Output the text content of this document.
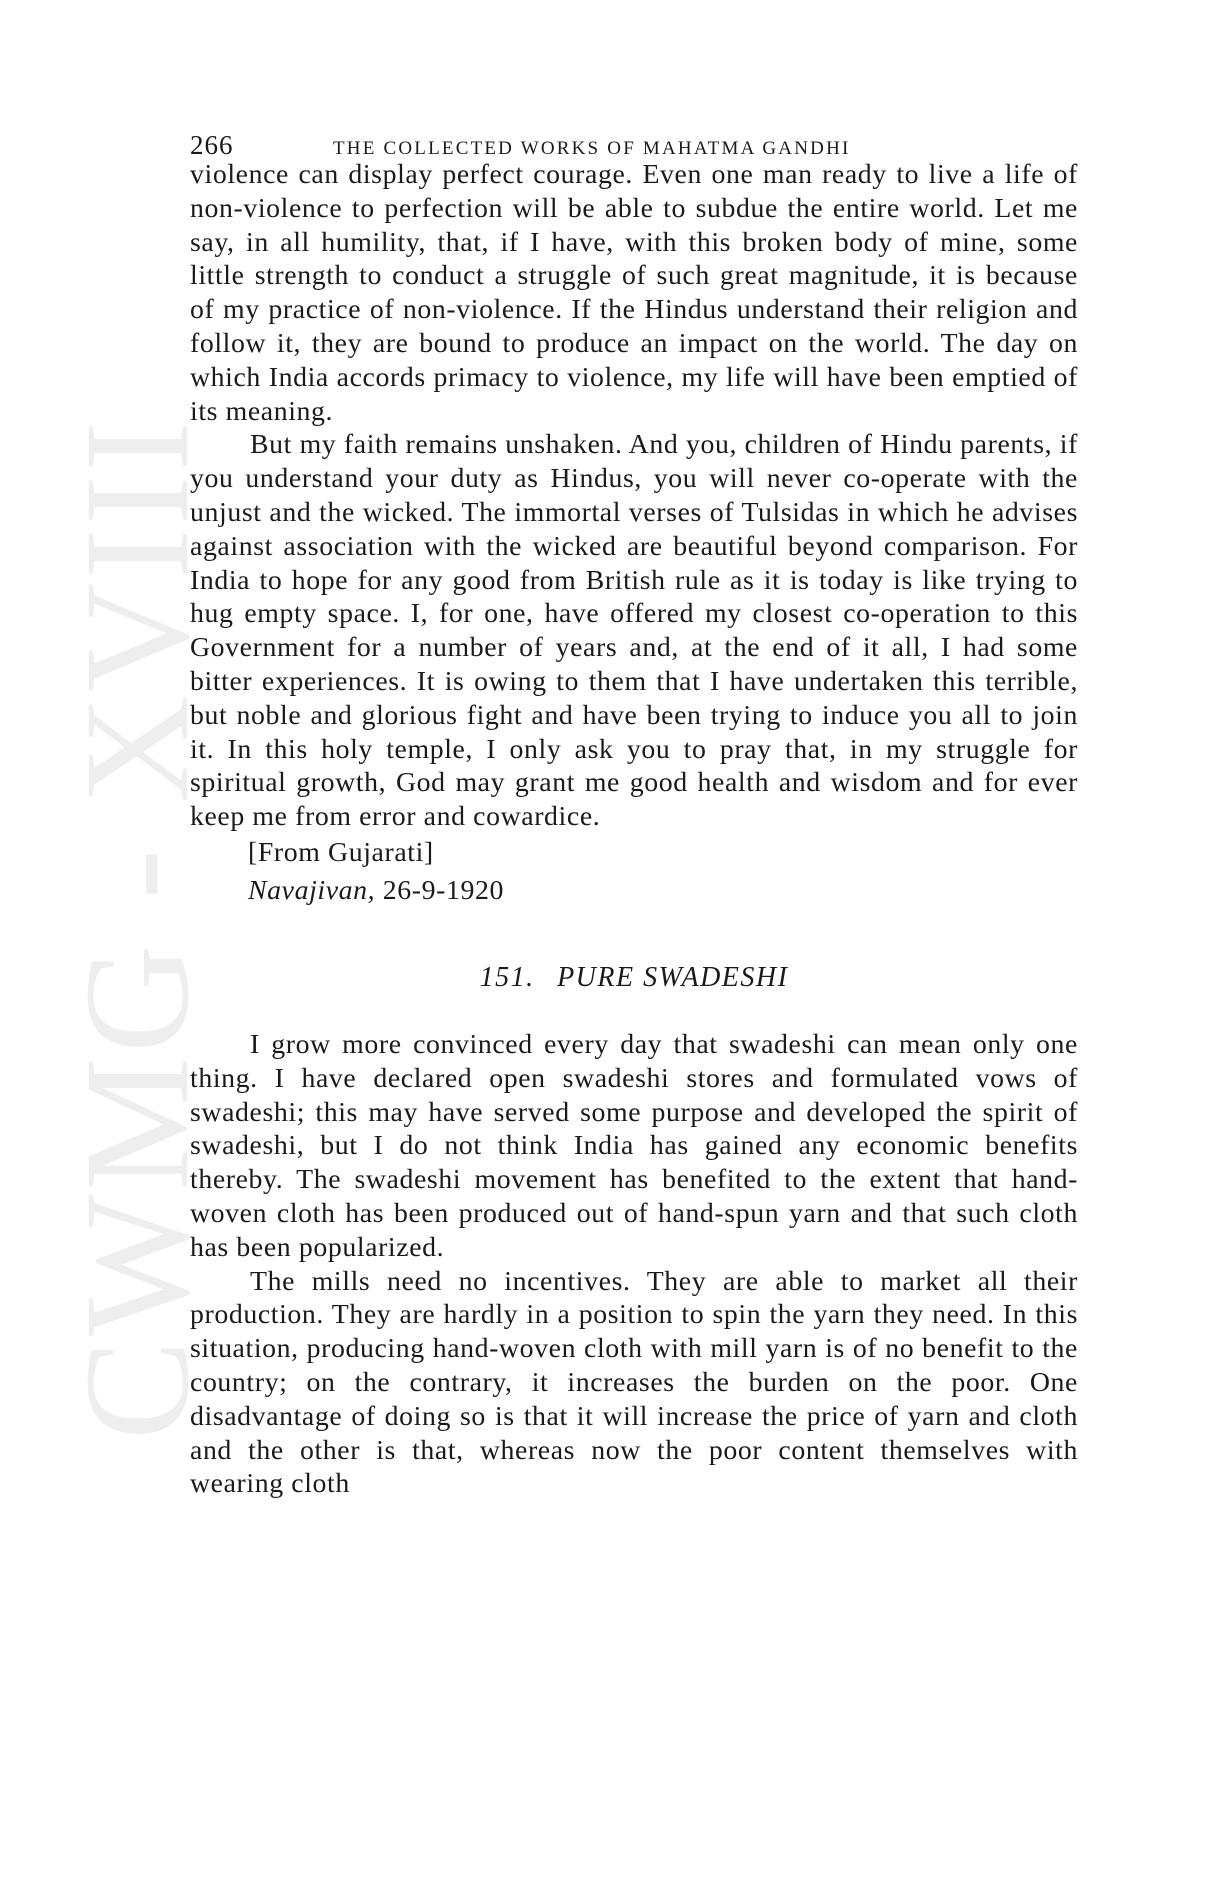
CWMG - XVIII
266	THE COLLECTED WORKS OF MAHATMA GANDHI

violence can display perfect courage. Even one man ready to live a life of non-violence to perfection will be able to subdue the entire world. Let me say, in all humility, that, if I have, with this broken body of mine, some little strength to conduct a struggle of such great magnitude, it is because of my practice of non-violence. If the Hindus understand their religion and follow it, they are bound to produce an impact on the world. The day on which India accords primacy to violence, my life will have been emptied of its meaning.

But my faith remains unshaken. And you, children of Hindu parents, if you understand your duty as Hindus, you will never co-operate with the unjust and the wicked. The immortal verses of Tulsidas in which he advises against association with the wicked are beautiful beyond comparison. For India to hope for any good from British rule as it is today is like trying to hug empty space. I, for one, have offered my closest co-operation to this Government for a number of years and, at the end of it all, I had some bitter experiences. It is owing to them that I have undertaken this terrible, but noble and glorious fight and have been trying to induce you all to join it. In this holy temple, I only ask you to pray that, in my struggle for spiritual growth, God may grant me good health and wisdom and for ever keep me from error and cowardice.

[From Gujarati]

Navajivan, 26-9-1920

151. PURE SWADESHI

I grow more convinced every day that swadeshi can mean only one thing. I have declared open swadeshi stores and formulated vows of swadeshi; this may have served some purpose and developed the spirit of swadeshi, but I do not think India has gained any economic benefits thereby. The swadeshi movement has benefited to the extent that hand-woven cloth has been produced out of hand-spun yarn and that such cloth has been popularized.

The mills need no incentives. They are able to market all their production. They are hardly in a position to spin the yarn they need. In this situation, producing hand-woven cloth with mill yarn is of no benefit to the country; on the contrary, it increases the burden on the poor. One disadvantage of doing so is that it will increase the price of yarn and cloth and the other is that, whereas now the poor content themselves with wearing cloth
